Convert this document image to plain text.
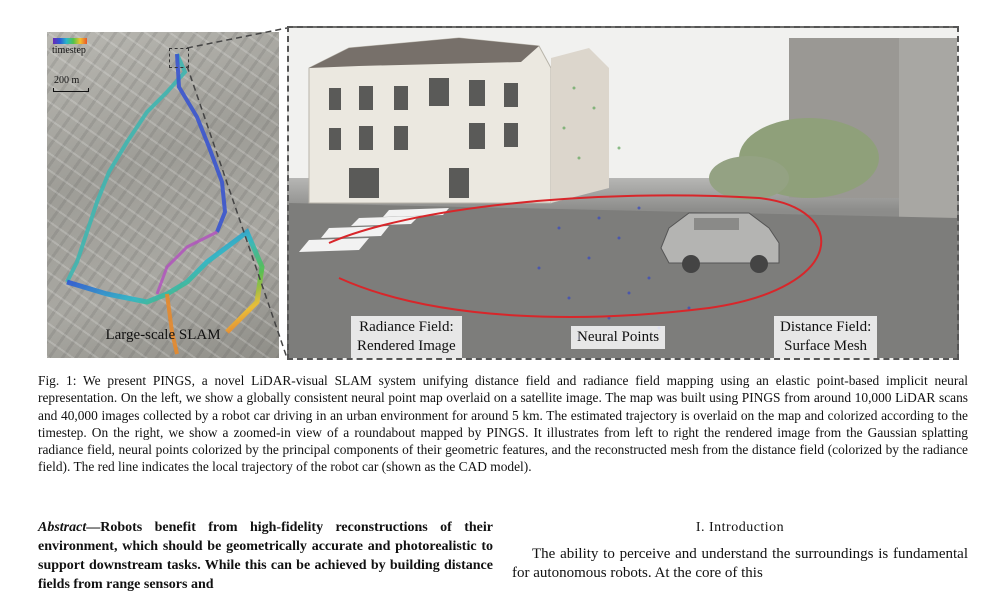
timestep
200 m
Large-scale SLAM	Radiance Field:
Rendered Image
Neural Points
Distance Field:
Surface Mesh
Fig. 1: We present PINGS, a novel LiDAR-visual SLAM system unifying distance field and radiance field mapping using an elastic point-based implicit neural representation. On the left, we show a globally consistent neural point map overlaid on a satellite image. The map was built using PINGS from around 10,000 LiDAR scans and 40,000 images collected by a robot car driving in an urban environment for around 5 km. The estimated trajectory is overlaid on the map and colorized according to the timestep. On the right, we show a zoomed-in view of a roundabout mapped by PINGS. It illustrates from left to right the rendered image from the Gaussian splatting radiance field, neural points colorized by the principal components of their geometric features, and the reconstructed mesh from the distance field (colorized by the radiance field). The red line indicates the local trajectory of the robot car (shown as the CAD model).
Abstract—Robots benefit from high-fidelity reconstructions of their environment, which should be geometrically accurate and photorealistic to support downstream tasks. While this can be achieved by building distance fields from range sensors and
I. Introduction
The ability to perceive and understand the surroundings is fundamental for autonomous robots. At the core of this
